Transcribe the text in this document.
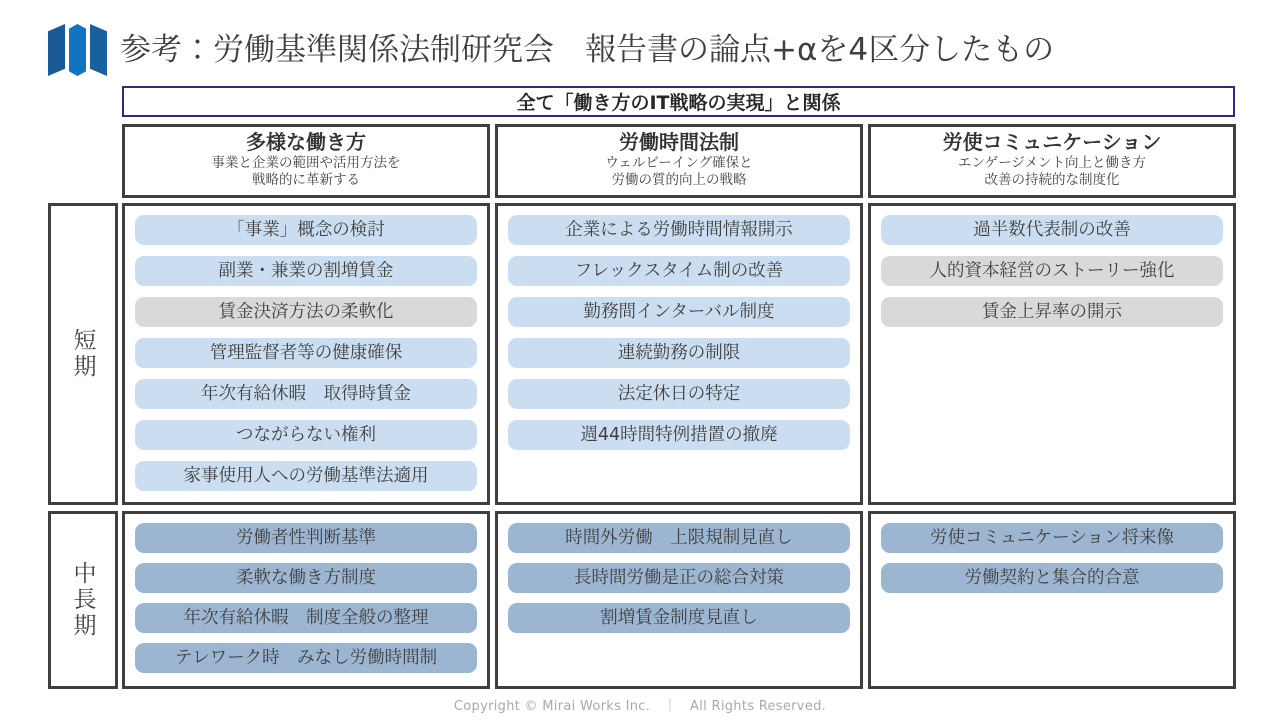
参考：労働基準関係法制研究会　報告書の論点+αを4区分したもの
全て「働き方のIT戦略の実現」と関係
多様な働き方
事業と企業の範囲や活用方法を
戦略的に革新する
労働時間法制
ウェルビーイング確保と
労働の質的向上の戦略
労使コミュニケーション
エンゲージメント向上と働き方
改善の持続的な制度化
短期
中長期
「事業」概念の検討
副業・兼業の割増賃金
賃金決済方法の柔軟化
管理監督者等の健康確保
年次有給休暇　取得時賃金
つながらない権利
家事使用人への労働基準法適用
企業による労働時間情報開示
フレックスタイム制の改善
勤務間インターバル制度
連続勤務の制限
法定休日の特定
週44時間特例措置の撤廃
過半数代表制の改善
人的資本経営のストーリー強化
賃金上昇率の開示
労働者性判断基準
柔軟な働き方制度
年次有給休暇　制度全般の整理
テレワーク時　みなし労働時間制
時間外労働　上限規制見直し
長時間労働是正の総合対策
割増賃金制度見直し
労使コミュニケーション将来像
労働契約と集合的合意
Copyright © Mirai Works Inc.　｜　All Rights Reserved.
